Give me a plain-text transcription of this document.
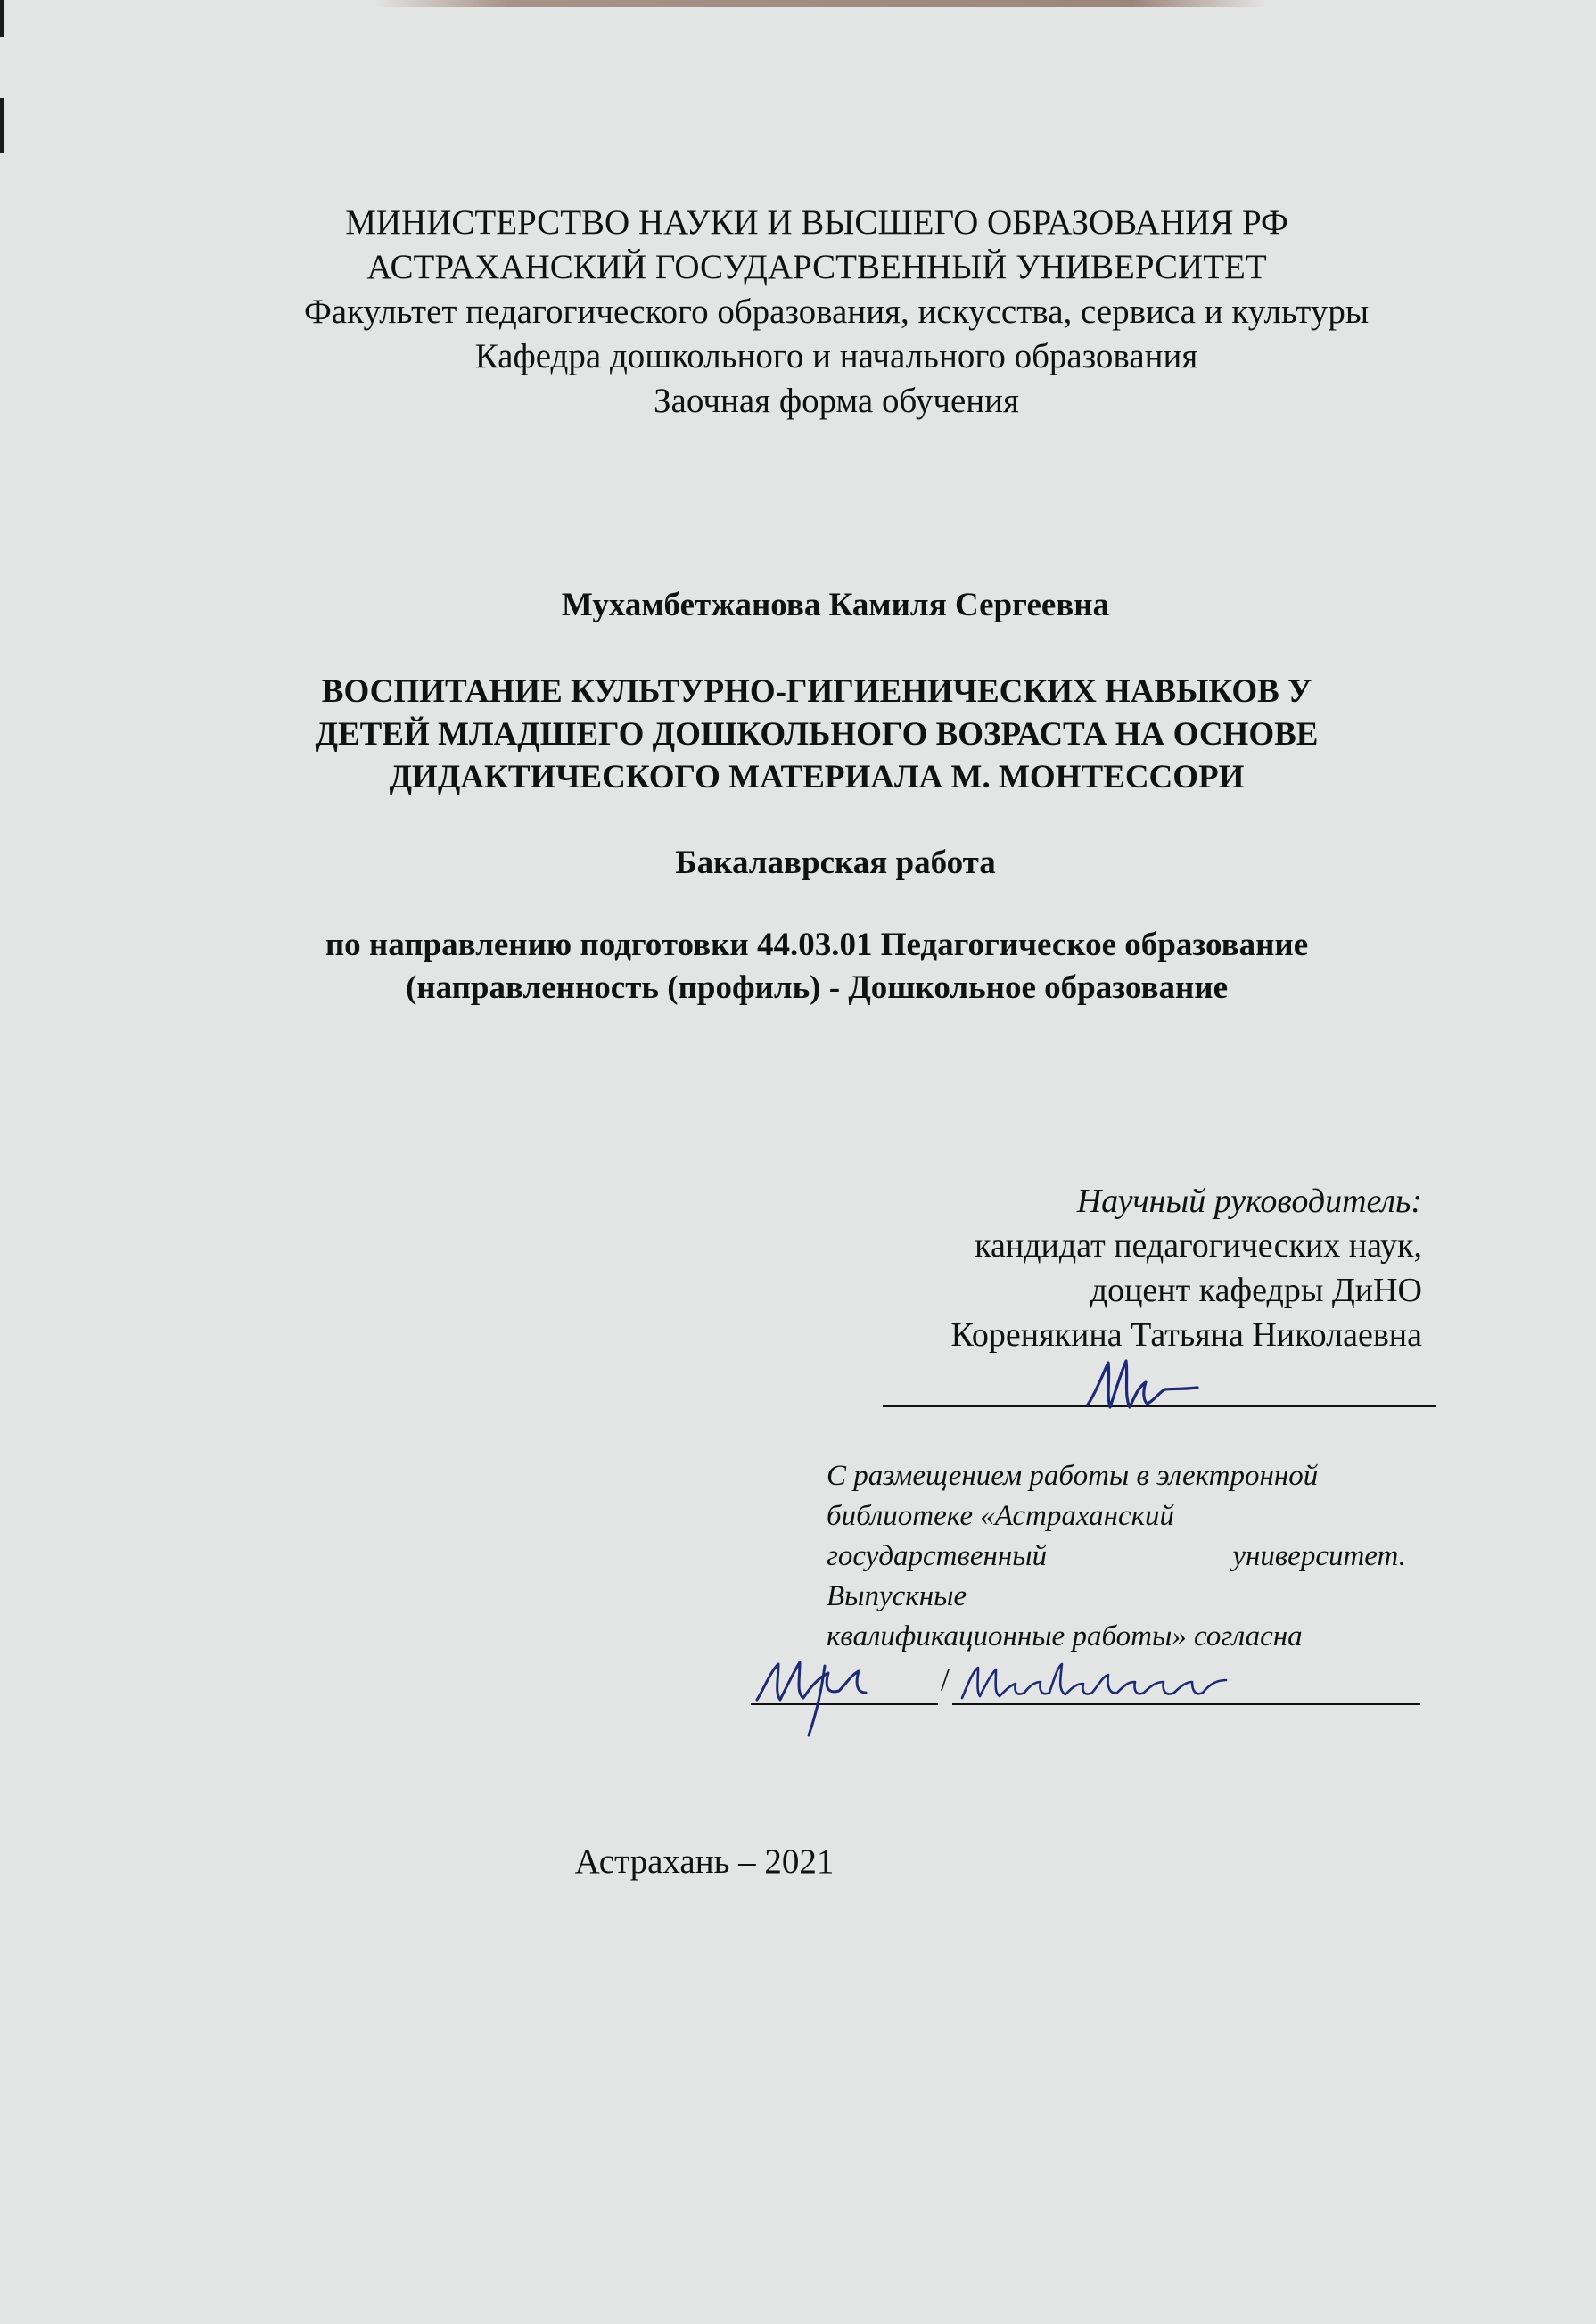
МИНИСТЕРСТВО НАУКИ И ВЫСШЕГО ОБРАЗОВАНИЯ РФ
АСТРАХАНСКИЙ ГОСУДАРСТВЕННЫЙ УНИВЕРСИТЕТ
Факультет педагогического образования, искусства, сервиса и культуры
Кафедра дошкольного и начального образования
Заочная форма обучения
Мухамбетжанова Камиля Сергеевна
ВОСПИТАНИЕ КУЛЬТУРНО-ГИГИЕНИЧЕСКИХ НАВЫКОВ У
ДЕТЕЙ МЛАДШЕГО ДОШКОЛЬНОГО ВОЗРАСТА НА ОСНОВЕ
ДИДАКТИЧЕСКОГО МАТЕРИАЛА М. МОНТЕССОРИ
Бакалаврская работа
по направлению подготовки 44.03.01 Педагогическое образование
(направленность (профиль) - Дошкольное образование
Научный руководитель:
кандидат педагогических наук,
доцент кафедры ДиНО
Коренякина Татьяна Николаевна
С размещением работы в электронной
библиотеке «Астраханский
государственный	университет.
Выпускные
квалификационные работы» согласна
/
Астрахань – 2021
